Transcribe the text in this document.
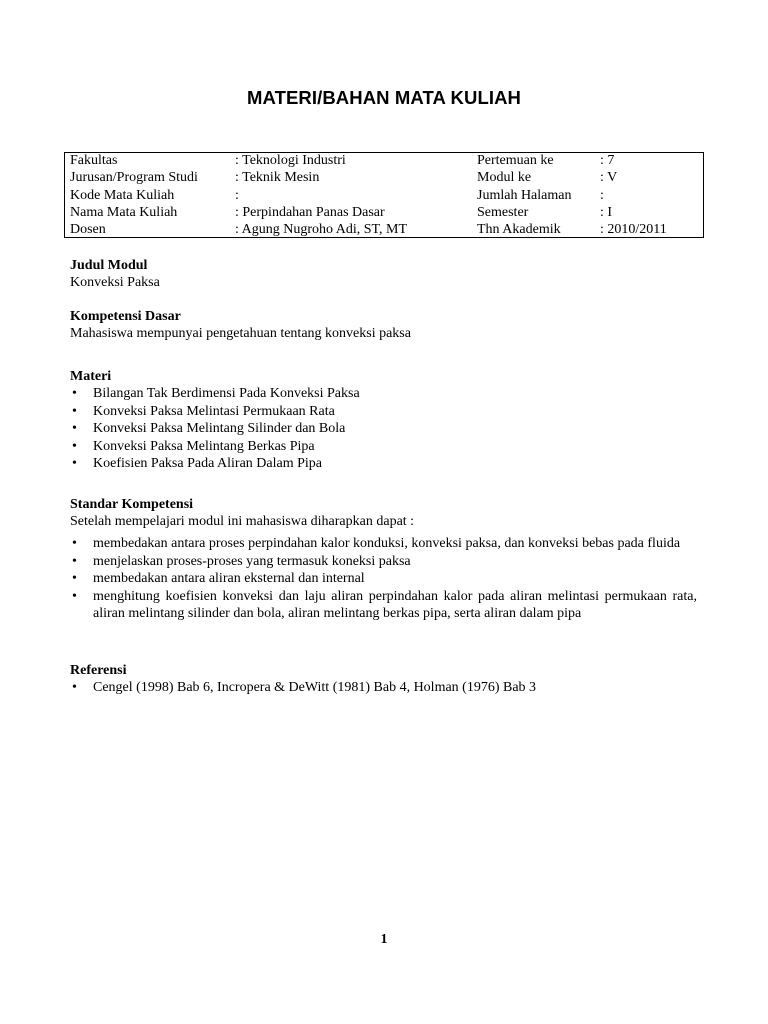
MATERI/BAHAN MATA KULIAH
Fakultas	: Teknologi Industri	Pertemuan ke	: 7
Jurusan/Program Studi	: Teknik Mesin	Modul ke	: V
Kode Mata Kuliah	:	Jumlah Halaman :
Nama Mata Kuliah	: Perpindahan Panas Dasar	Semester	: I
Dosen	: Agung Nugroho Adi, ST, MT	Thn Akademik	: 2010/2011
Judul Modul
Konveksi Paksa
Kompetensi Dasar
Mahasiswa mempunyai pengetahuan tentang konveksi paksa
Materi
• Bilangan Tak Berdimensi Pada Konveksi Paksa
• Konveksi Paksa Melintasi Permukaan Rata
• Konveksi Paksa Melintang Silinder dan Bola
• Konveksi Paksa Melintang Berkas Pipa
• Koefisien Paksa Pada Aliran Dalam Pipa
Standar Kompetensi
Setelah mempelajari modul ini mahasiswa diharapkan dapat :
• membedakan antara proses perpindahan kalor konduksi, konveksi paksa, dan konveksi bebas pada fluida
• menjelaskan proses-proses yang termasuk koneksi paksa
• membedakan antara aliran eksternal dan internal
• menghitung koefisien konveksi dan laju aliran perpindahan kalor pada aliran melintasi permukaan rata, aliran melintang silinder dan bola, aliran melintang berkas pipa, serta aliran dalam pipa
Referensi
• Cengel (1998) Bab 6, Incropera & DeWitt (1981) Bab 4, Holman (1976) Bab 3
1
